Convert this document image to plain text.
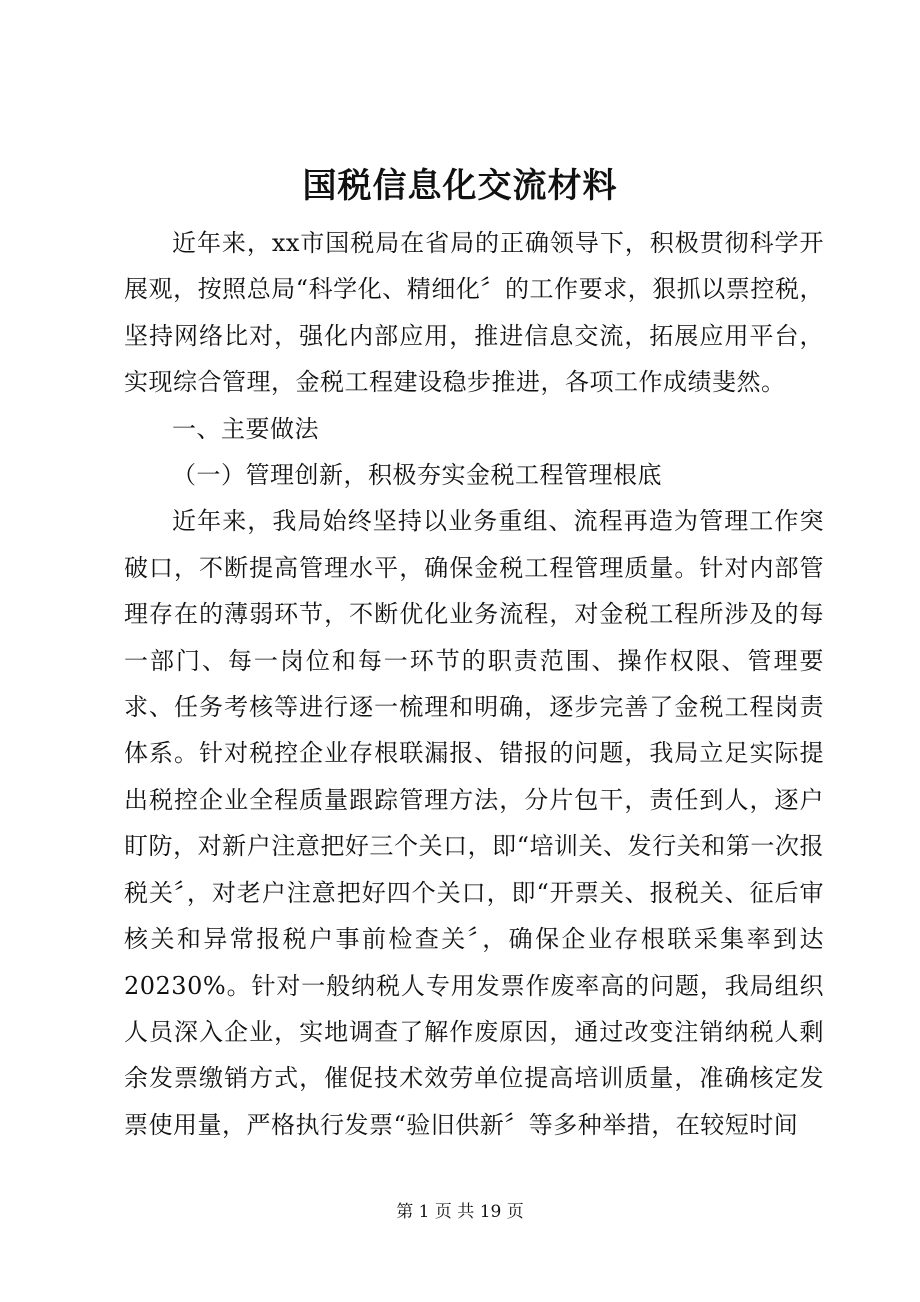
国税信息化交流材料

近年来，xx市国税局在省局的正确领导下，积极贯彻科学开展观，按照总局“科学化、精细化〞的工作要求，狠抓以票控税，坚持网络比对，强化内部应用，推进信息交流，拓展应用平台，实现综合管理，金税工程建设稳步推进，各项工作成绩斐然。

一、主要做法

（一）管理创新，积极夯实金税工程管理根底

近年来，我局始终坚持以业务重组、流程再造为管理工作突破口，不断提高管理水平，确保金税工程管理质量。针对内部管理存在的薄弱环节，不断优化业务流程，对金税工程所涉及的每一部门、每一岗位和每一环节的职责范围、操作权限、管理要求、任务考核等进行逐一梳理和明确，逐步完善了金税工程岗责体系。针对税控企业存根联漏报、错报的问题，我局立足实际提出税控企业全程质量跟踪管理方法，分片包干，责任到人，逐户盯防，对新户注意把好三个关口，即“培训关、发行关和第一次报税关〞，对老户注意把好四个关口，即“开票关、报税关、征后审核关和异常报税户事前检查关〞，确保企业存根联采集率到达20230%。针对一般纳税人专用发票作废率高的问题，我局组织人员深入企业，实地调查了解作废原因，通过改变注销纳税人剩余发票缴销方式，催促技术效劳单位提高培训质量，准确核定发票使用量，严格执行发票“验旧供新〞等多种举措，在较短时间

第 1 页 共 19 页
